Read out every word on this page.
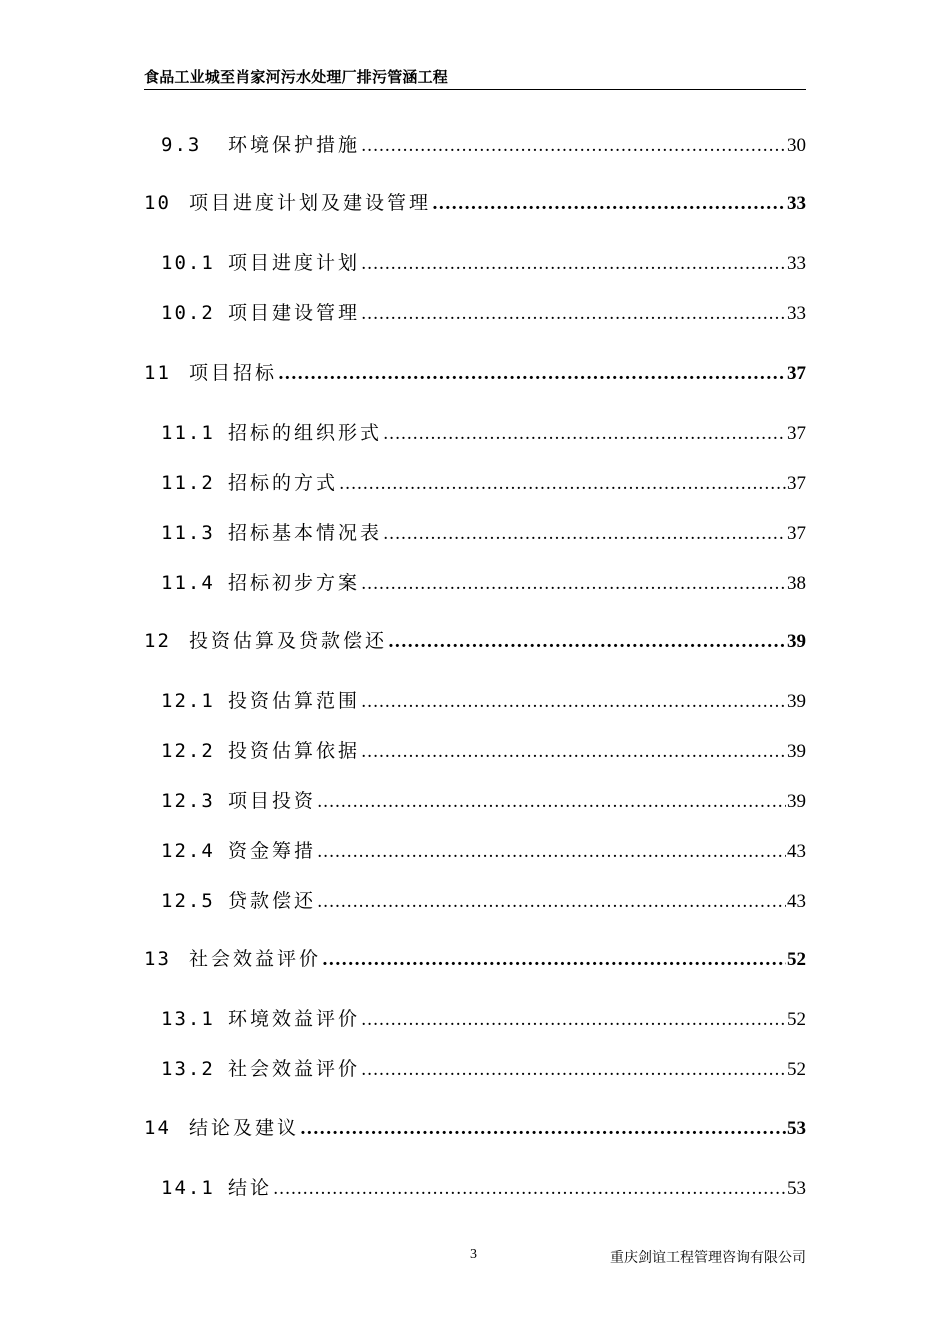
食品工业城至肖家河污水处理厂排污管涵工程
9.3	环境保护措施 .....	30
10 项目进度计划及建设管理 .....	33
10.1 项目进度计划 .....	33
10.2 项目建设管理 .....	33
11 项目招标 .....	37
11.1 招标的组织形式 .....	37
11.2 招标的方式 .....	37
11.3 招标基本情况表 .....	37
11.4 招标初步方案 .....	38
12 投资估算及贷款偿还 .....	39
12.1 投资估算范围 .....	39
12.2 投资估算依据 .....	39
12.3 项目投资 .....	39
12.4 资金筹措 .....	43
12.5 贷款偿还 .....	43
13 社会效益评价 .....	52
13.1 环境效益评价 .....	52
13.2 社会效益评价 .....	52
14 结论及建议 .....	53
14.1 结论 .....	53
3	重庆剑谊工程管理咨询有限公司
